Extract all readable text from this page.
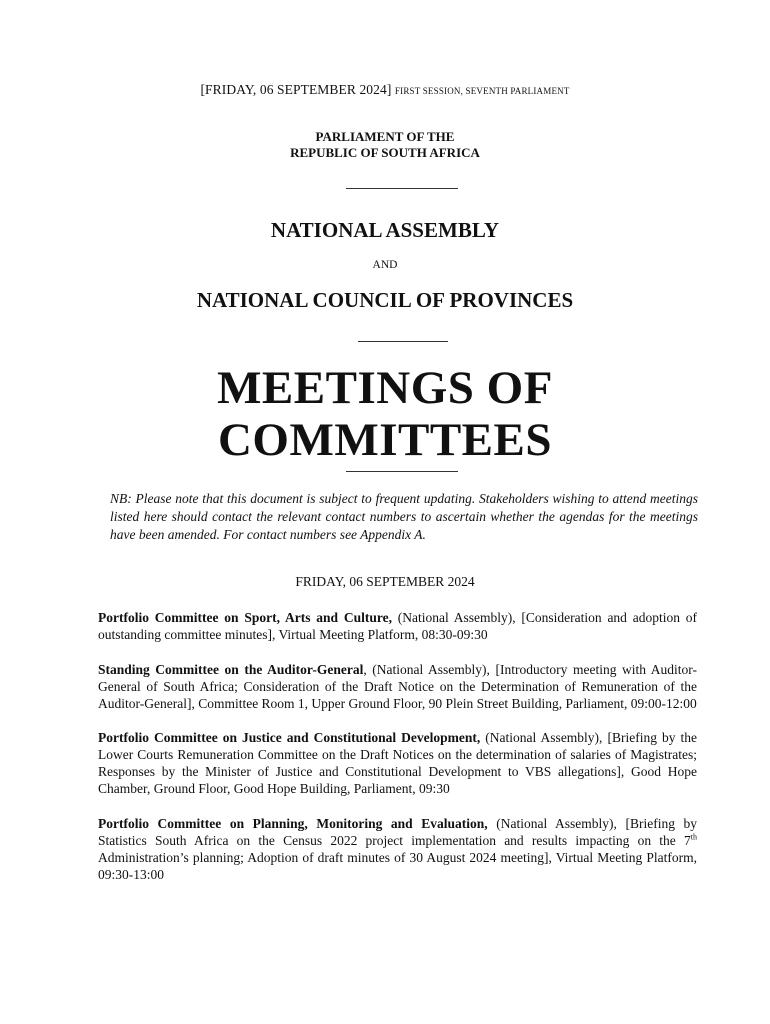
[FRIDAY, 06 SEPTEMBER 2024] FIRST SESSION, SEVENTH PARLIAMENT
PARLIAMENT OF THE
REPUBLIC OF SOUTH AFRICA
NATIONAL ASSEMBLY
AND
NATIONAL COUNCIL OF PROVINCES
MEETINGS OF
COMMITTEES
NB: Please note that this document is subject to frequent updating. Stakeholders wishing to attend meetings listed here should contact the relevant contact numbers to ascertain whether the agendas for the meetings have been amended. For contact numbers see Appendix A.
FRIDAY, 06 SEPTEMBER 2024

Portfolio Committee on Sport, Arts and Culture, (National Assembly), [Consideration and adoption of outstanding committee minutes], Virtual Meeting Platform, 08:30-09:30

Standing Committee on the Auditor-General, (National Assembly), [Introductory meeting with Auditor-General of South Africa; Consideration of the Draft Notice on the Determination of Remuneration of the Auditor-General], Committee Room 1, Upper Ground Floor, 90 Plein Street Building, Parliament, 09:00-12:00

Portfolio Committee on Justice and Constitutional Development, (National Assembly), [Briefing by the Lower Courts Remuneration Committee on the Draft Notices on the determination of salaries of Magistrates; Responses by the Minister of Justice and Constitutional Development to VBS allegations], Good Hope Chamber, Ground Floor, Good Hope Building, Parliament, 09:30

Portfolio Committee on Planning, Monitoring and Evaluation, (National Assembly), [Briefing by Statistics South Africa on the Census 2022 project implementation and results impacting on the 7th Administration’s planning; Adoption of draft minutes of 30 August 2024 meeting], Virtual Meeting Platform, 09:30-13:00
